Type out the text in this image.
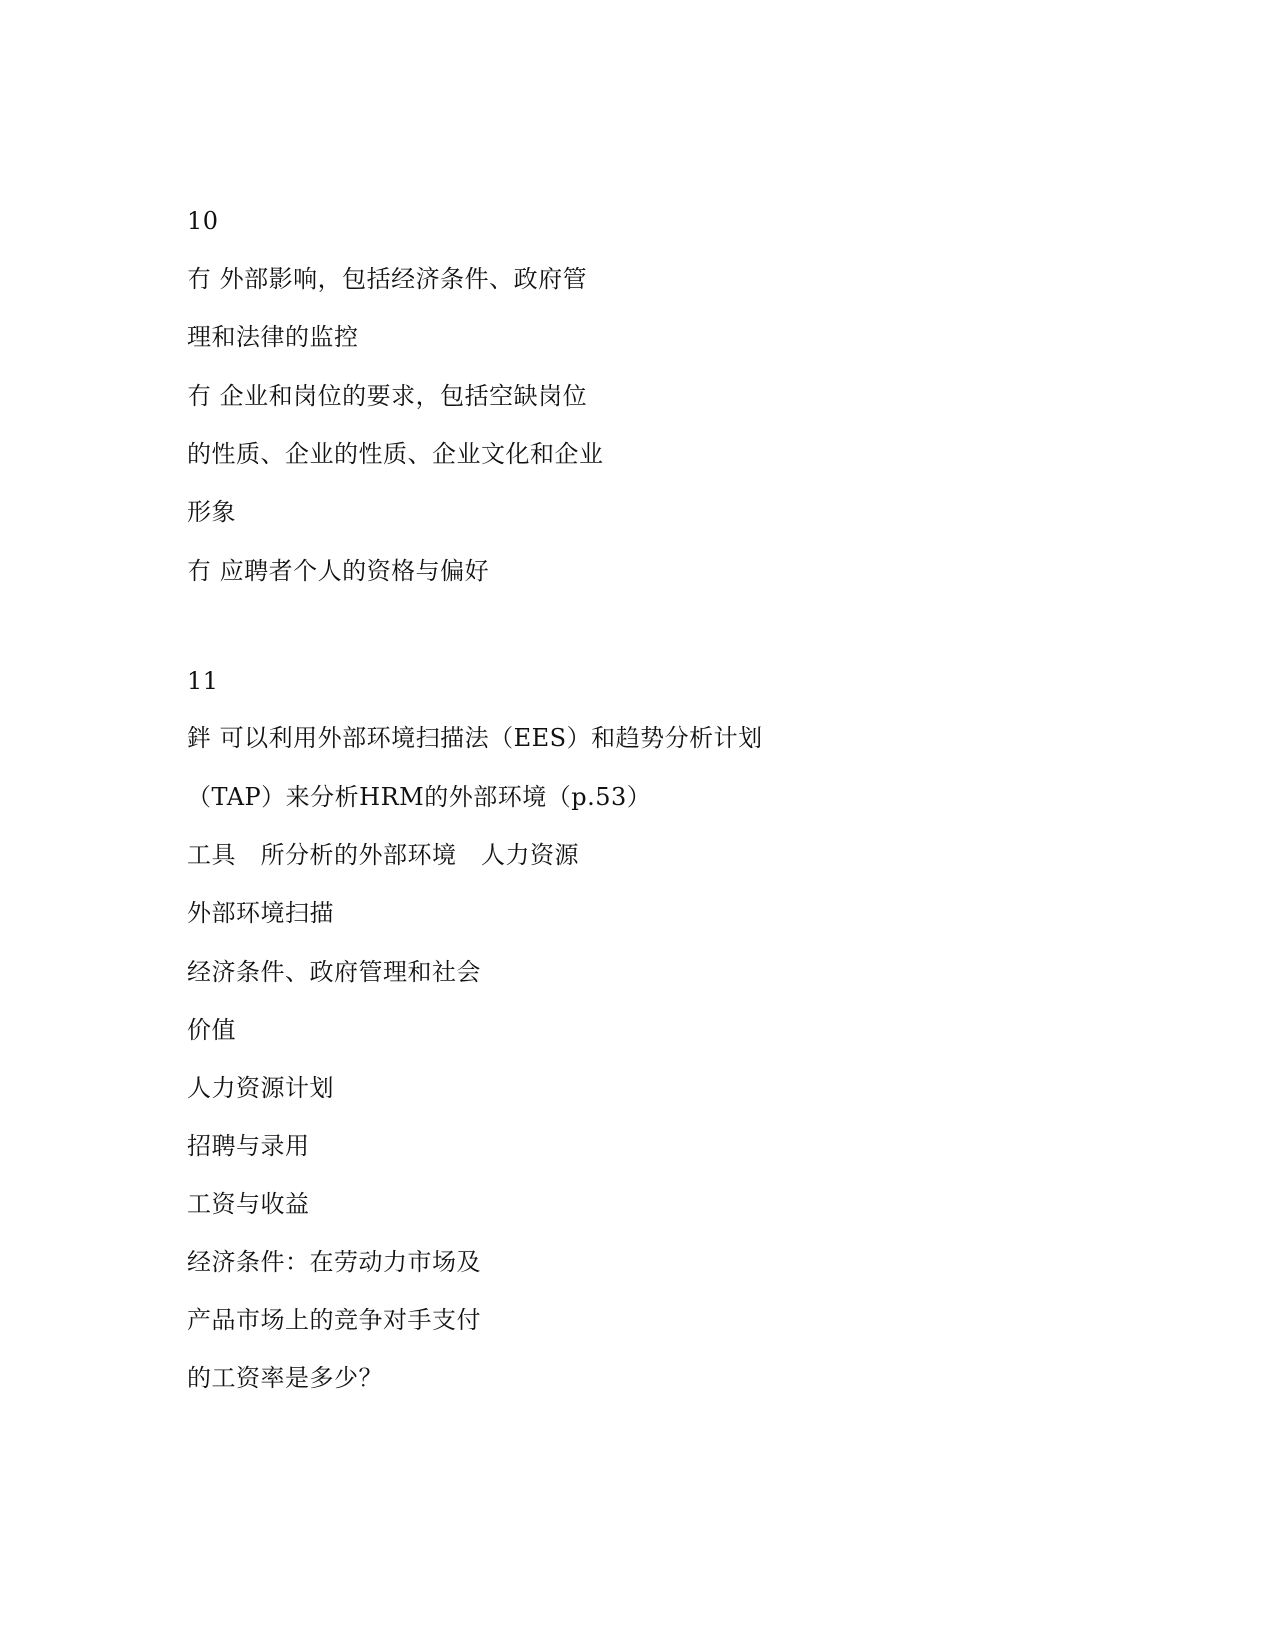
10
冇 外部影响，包括经济条件、政府管
理和法律的监控
冇 企业和岗位的要求，包括空缺岗位
的性质、企业的性质、企业文化和企业
形象
冇 应聘者个人的资格与偏好
11
鉡 可以利用外部环境扫描法（EES）和趋势分析计划
（TAP）来分析HRM的外部环境（p.53）
工具　所分析的外部环境　人力资源
外部环境扫描
经济条件、政府管理和社会
价值
人力资源计划
招聘与录用
工资与收益
经济条件：在劳动力市场及
产品市场上的竞争对手支付
的工资率是多少？
